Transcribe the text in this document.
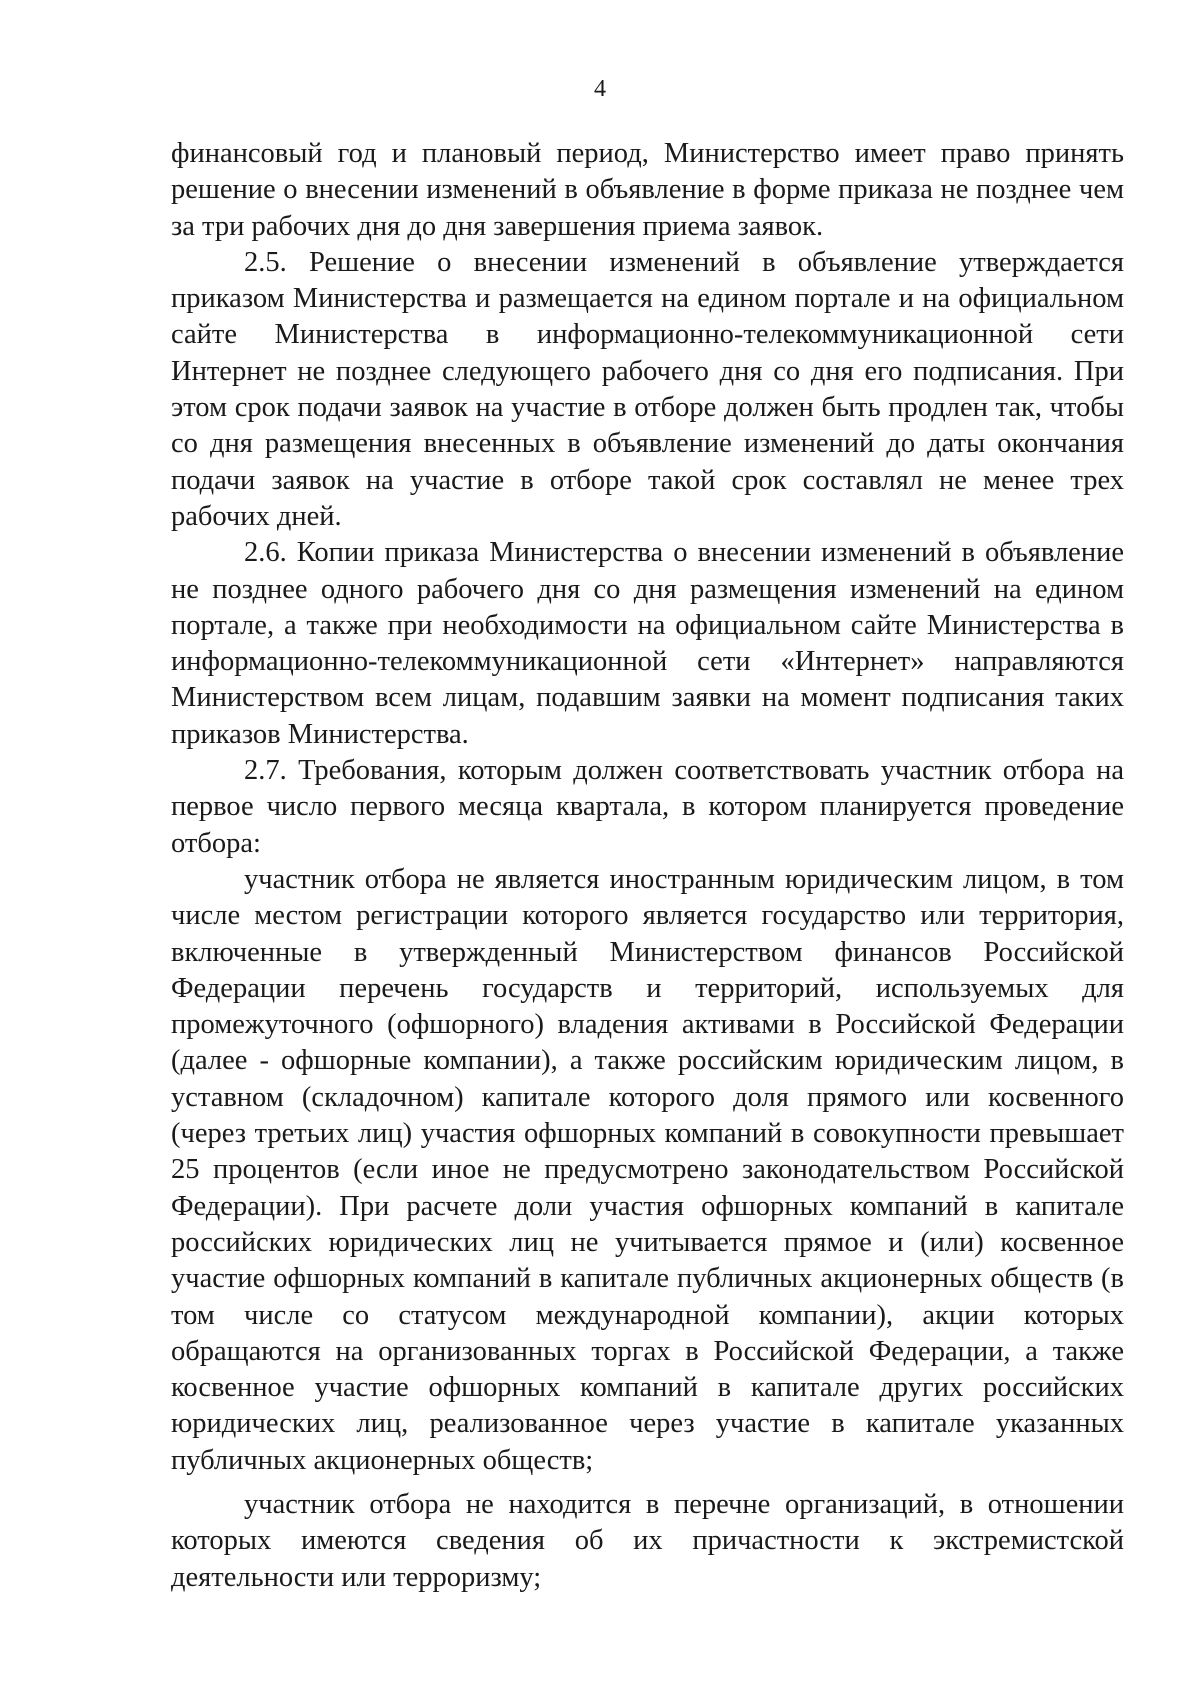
4

финансовый год и плановый период, Министерство имеет право принять решение о внесении изменений в объявление в форме приказа не позднее чем за три рабочих дня до дня завершения приема заявок.

2.5. Решение о внесении изменений в объявление утверждается приказом Министерства и размещается на едином портале и на официальном сайте Министерства в информационно-телекоммуникационной сети Интернет не позднее следующего рабочего дня со дня его подписания. При этом срок подачи заявок на участие в отборе должен быть продлен так, чтобы со дня размещения внесенных в объявление изменений до даты окончания подачи заявок на участие в отборе такой срок составлял не менее трех рабочих дней.

2.6. Копии приказа Министерства о внесении изменений в объявление не позднее одного рабочего дня со дня размещения изменений на едином портале, а также при необходимости на официальном сайте Министерства в информационно-телекоммуникационной сети «Интернет» направляются Министерством всем лицам, подавшим заявки на момент подписания таких приказов Министерства.

2.7. Требования, которым должен соответствовать участник отбора на первое число первого месяца квартала, в котором планируется проведение отбора:

участник отбора не является иностранным юридическим лицом, в том числе местом регистрации которого является государство или территория, включенные в утвержденный Министерством финансов Российской Федерации перечень государств и территорий, используемых для промежуточного (офшорного) владения активами в Российской Федерации (далее - офшорные компании), а также российским юридическим лицом, в уставном (складочном) капитале которого доля прямого или косвенного (через третьих лиц) участия офшорных компаний в совокупности превышает 25 процентов (если иное не предусмотрено законодательством Российской Федерации). При расчете доли участия офшорных компаний в капитале российских юридических лиц не учитывается прямое и (или) косвенное участие офшорных компаний в капитале публичных акционерных обществ (в том числе со статусом международной компании), акции которых обращаются на организованных торгах в Российской Федерации, а также косвенное участие офшорных компаний в капитале других российских юридических лиц, реализованное через участие в капитале указанных публичных акционерных обществ;

участник отбора не находится в перечне организаций, в отношении которых имеются сведения об их причастности к экстремистской деятельности или терроризму;
